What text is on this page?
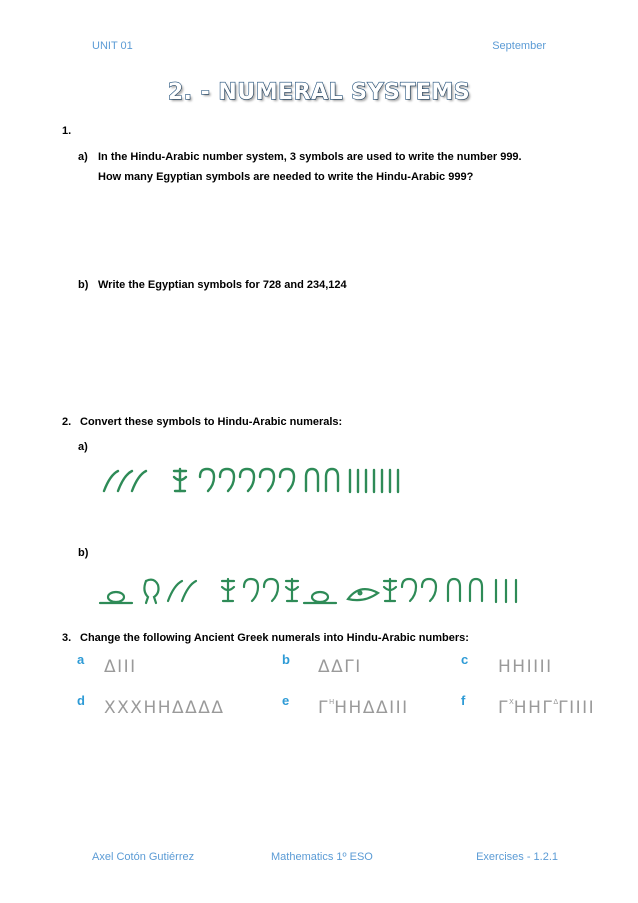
UNIT 01	September
2. - NUMERAL SYSTEMS
1.
a) In the Hindu-Arabic number system, 3 symbols are used to write the number 999.
How many Egyptian symbols are needed to write the Hindu-Arabic 999?
b) Write the Egyptian symbols for 728 and 234,124
2. Convert these symbols to Hindu-Arabic numerals:
a)
b)
3. Change the following Ancient Greek numerals into Hindu-Arabic numbers:
a ΔIII	b ΔΔΓI	c HHIIII
d XXXHHΔΔΔΔ	e $\Gamma^HHH\Delta\Delta III$	f $\Gamma^XHH\Gamma^\Delta\Gamma IIII$
Axel Cotón Gutiérrez	Mathematics 1º ESO	Exercises - 1.2.1
